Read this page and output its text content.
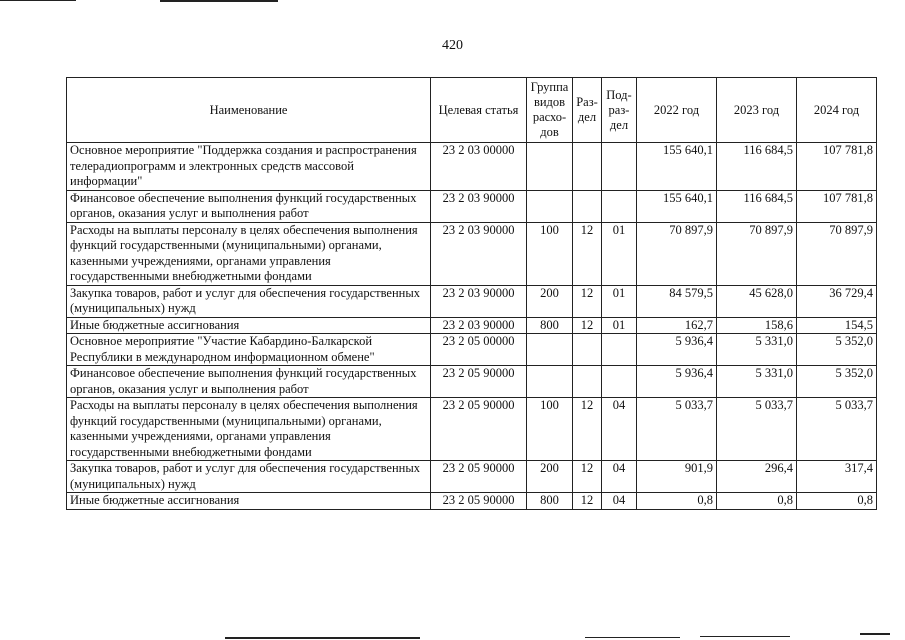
420
Наименование	Целевая статья	Группа видов расхо- дов	Раз- дел	Под- раз- дел	2022 год	2023 год	2024 год
Основное мероприятие "Поддержка создания и распространения телерадиопрограмм и электронных средств массовой информации"	23 2 03 00000				155 640,1	116 684,5	107 781,8
Финансовое обеспечение выполнения функций государственных органов, оказания услуг и выполнения работ	23 2 03 90000				155 640,1	116 684,5	107 781,8
Расходы на выплаты персоналу в целях обеспечения выполнения функций государственными (муниципальными) органами, казенными учреждениями, органами управления государственными внебюджетными фондами	23 2 03 90000	100	12	01	70 897,9	70 897,9	70 897,9
Закупка товаров, работ и услуг для обеспечения государственных (муниципальных) нужд	23 2 03 90000	200	12	01	84 579,5	45 628,0	36 729,4
Иные бюджетные ассигнования	23 2 03 90000	800	12	01	162,7	158,6	154,5
Основное мероприятие "Участие Кабардино-Балкарской Республики в международном информационном обмене"	23 2 05 00000				5 936,4	5 331,0	5 352,0
Финансовое обеспечение выполнения функций государственных органов, оказания услуг и выполнения работ	23 2 05 90000				5 936,4	5 331,0	5 352,0
Расходы на выплаты персоналу в целях обеспечения выполнения функций государственными (муниципальными) органами, казенными учреждениями, органами управления государственными внебюджетными фондами	23 2 05 90000	100	12	04	5 033,7	5 033,7	5 033,7
Закупка товаров, работ и услуг для обеспечения государственных (муниципальных) нужд	23 2 05 90000	200	12	04	901,9	296,4	317,4
Иные бюджетные ассигнования	23 2 05 90000	800	12	04	0,8	0,8	0,8
